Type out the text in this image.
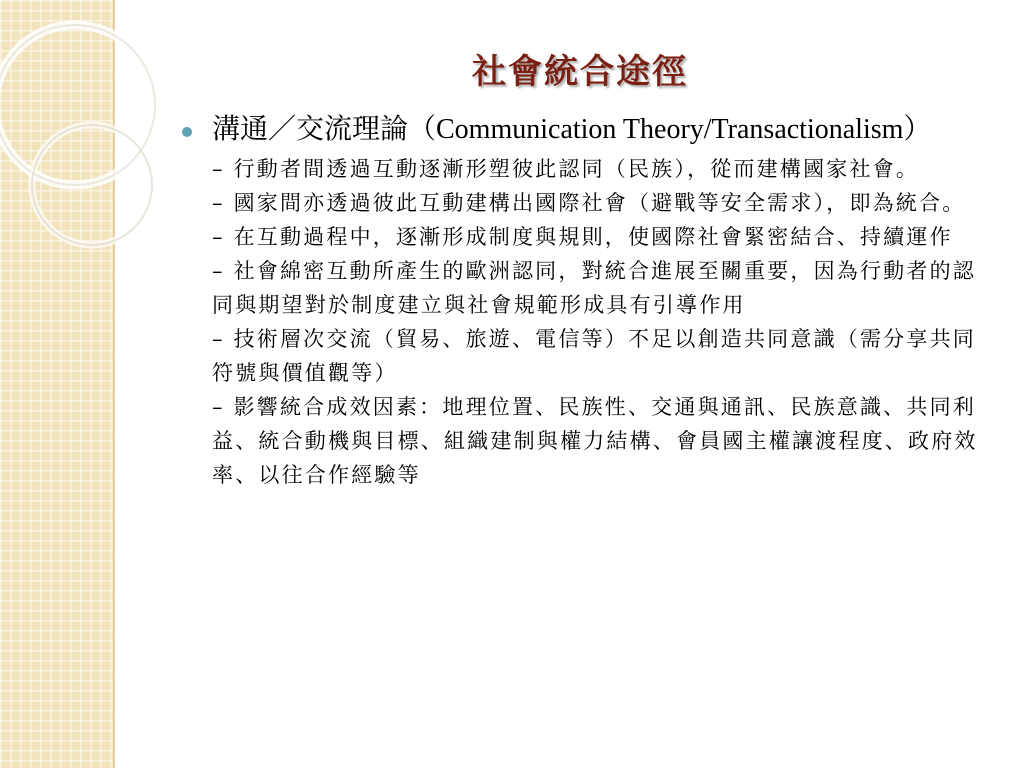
社會統合途徑
溝通／交流理論（Communication Theory/Transactionalism）

– 行動者間透過互動逐漸形塑彼此認同（民族），從而建構國家社會。

– 國家間亦透過彼此互動建構出國際社會（避戰等安全需求），即為統合。

– 在互動過程中，逐漸形成制度與規則，使國際社會緊密結合、持續運作

– 社會綿密互動所產生的歐洲認同，對統合進展至關重要，因為行動者的認同與期望對於制度建立與社會規範形成具有引導作用

– 技術層次交流（貿易、旅遊、電信等）不足以創造共同意識（需分享共同符號與價值觀等）

– 影響統合成效因素：地理位置、民族性、交通與通訊、民族意識、共同利益、統合動機與目標、組織建制與權力結構、會員國主權讓渡程度、政府效率、以往合作經驗等
